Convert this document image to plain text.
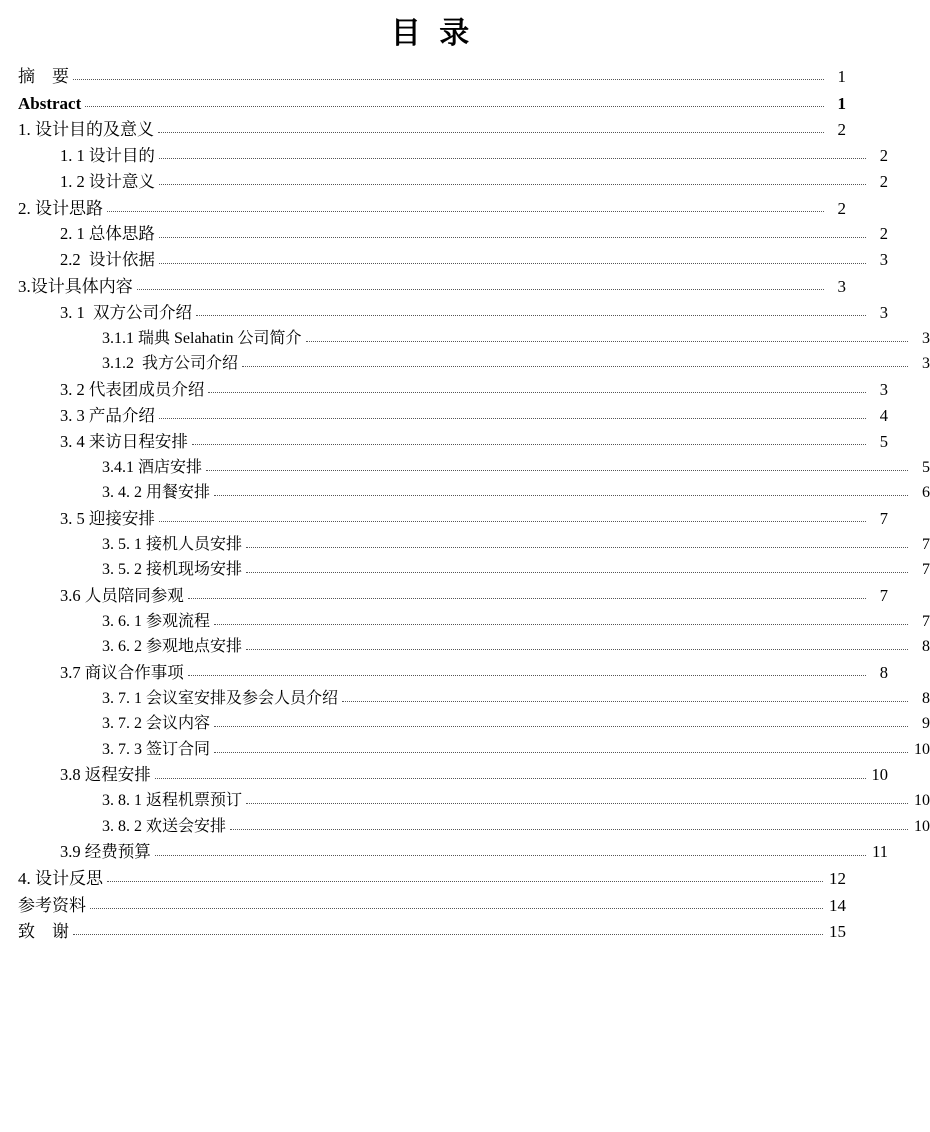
目 录
摘    要	1
Abstract	1
1. 设计目的及意义	2
1. 1 设计目的	2
1. 2 设计意义	2
2. 设计思路	2
2. 1 总体思路	2
2.2  设计依据	3
3.设计具体内容	3
3. 1  双方公司介绍	3
3.1.1 瑞典 Selahatin 公司简介	3
3.1.2  我方公司介绍	3
3. 2 代表团成员介绍	3
3. 3 产品介绍	4
3. 4 来访日程安排	5
3.4.1 酒店安排	5
3. 4. 2 用餐安排	6
3. 5 迎接安排	7
3. 5. 1 接机人员安排	7
3. 5. 2 接机现场安排	7
3.6 人员陪同参观	7
3. 6. 1 参观流程	7
3. 6. 2 参观地点安排	8
3.7 商议合作事项	8
3. 7. 1 会议室安排及参会人员介绍	8
3. 7. 2 会议内容	9
3. 7. 3 签订合同	10
3.8 返程安排	10
3. 8. 1 返程机票预订	10
3. 8. 2 欢送会安排	10
3.9 经费预算	11
4. 设计反思	12
参考资料	14
致    谢	15
